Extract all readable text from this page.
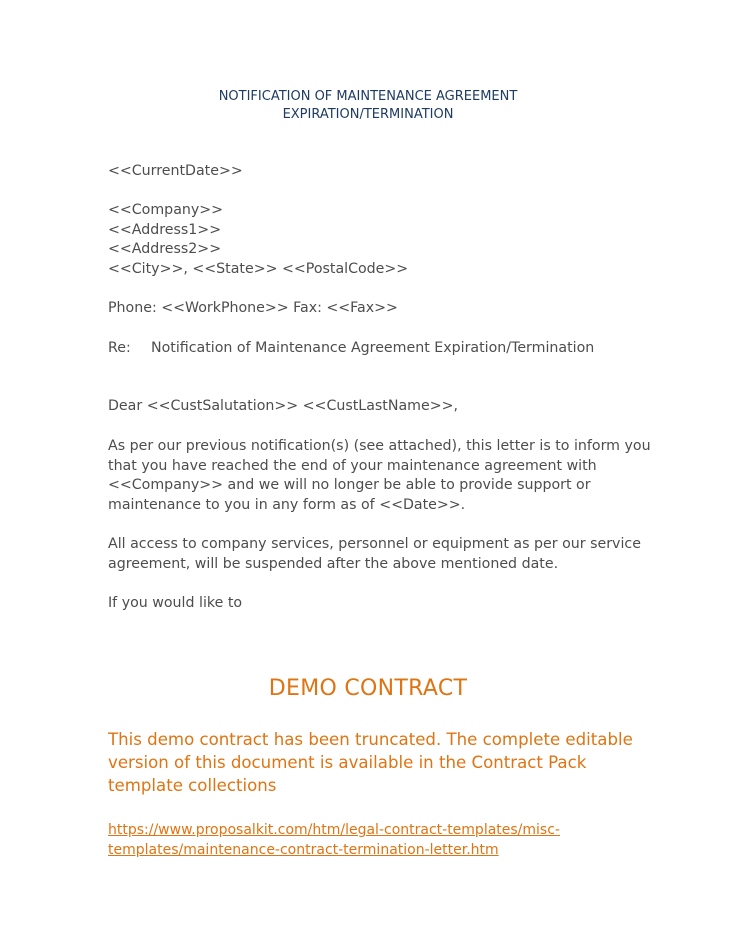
NOTIFICATION OF MAINTENANCE AGREEMENT
EXPIRATION/TERMINATION
<<CurrentDate>>
<<Company>>
<<Address1>>
<<Address2>>
<<City>>, <<State>> <<PostalCode>>
Phone: <<WorkPhone>> Fax: <<Fax>>
Re: Notification of Maintenance Agreement Expiration/Termination
Dear <<CustSalutation>> <<CustLastName>>,
As per our previous notification(s) (see attached), this letter is to inform you
that you have reached the end of your maintenance agreement with
<<Company>> and we will no longer be able to provide support or
maintenance to you in any form as of <<Date>>.
All access to company services, personnel or equipment as per our service
agreement, will be suspended after the above mentioned date.
If you would like to
DEMO CONTRACT
This demo contract has been truncated. The complete editable
version of this document is available in the Contract Pack
template collections
https://www.proposalkit.com/htm/legal-contract-templates/misc-
templates/maintenance-contract-termination-letter.htm
